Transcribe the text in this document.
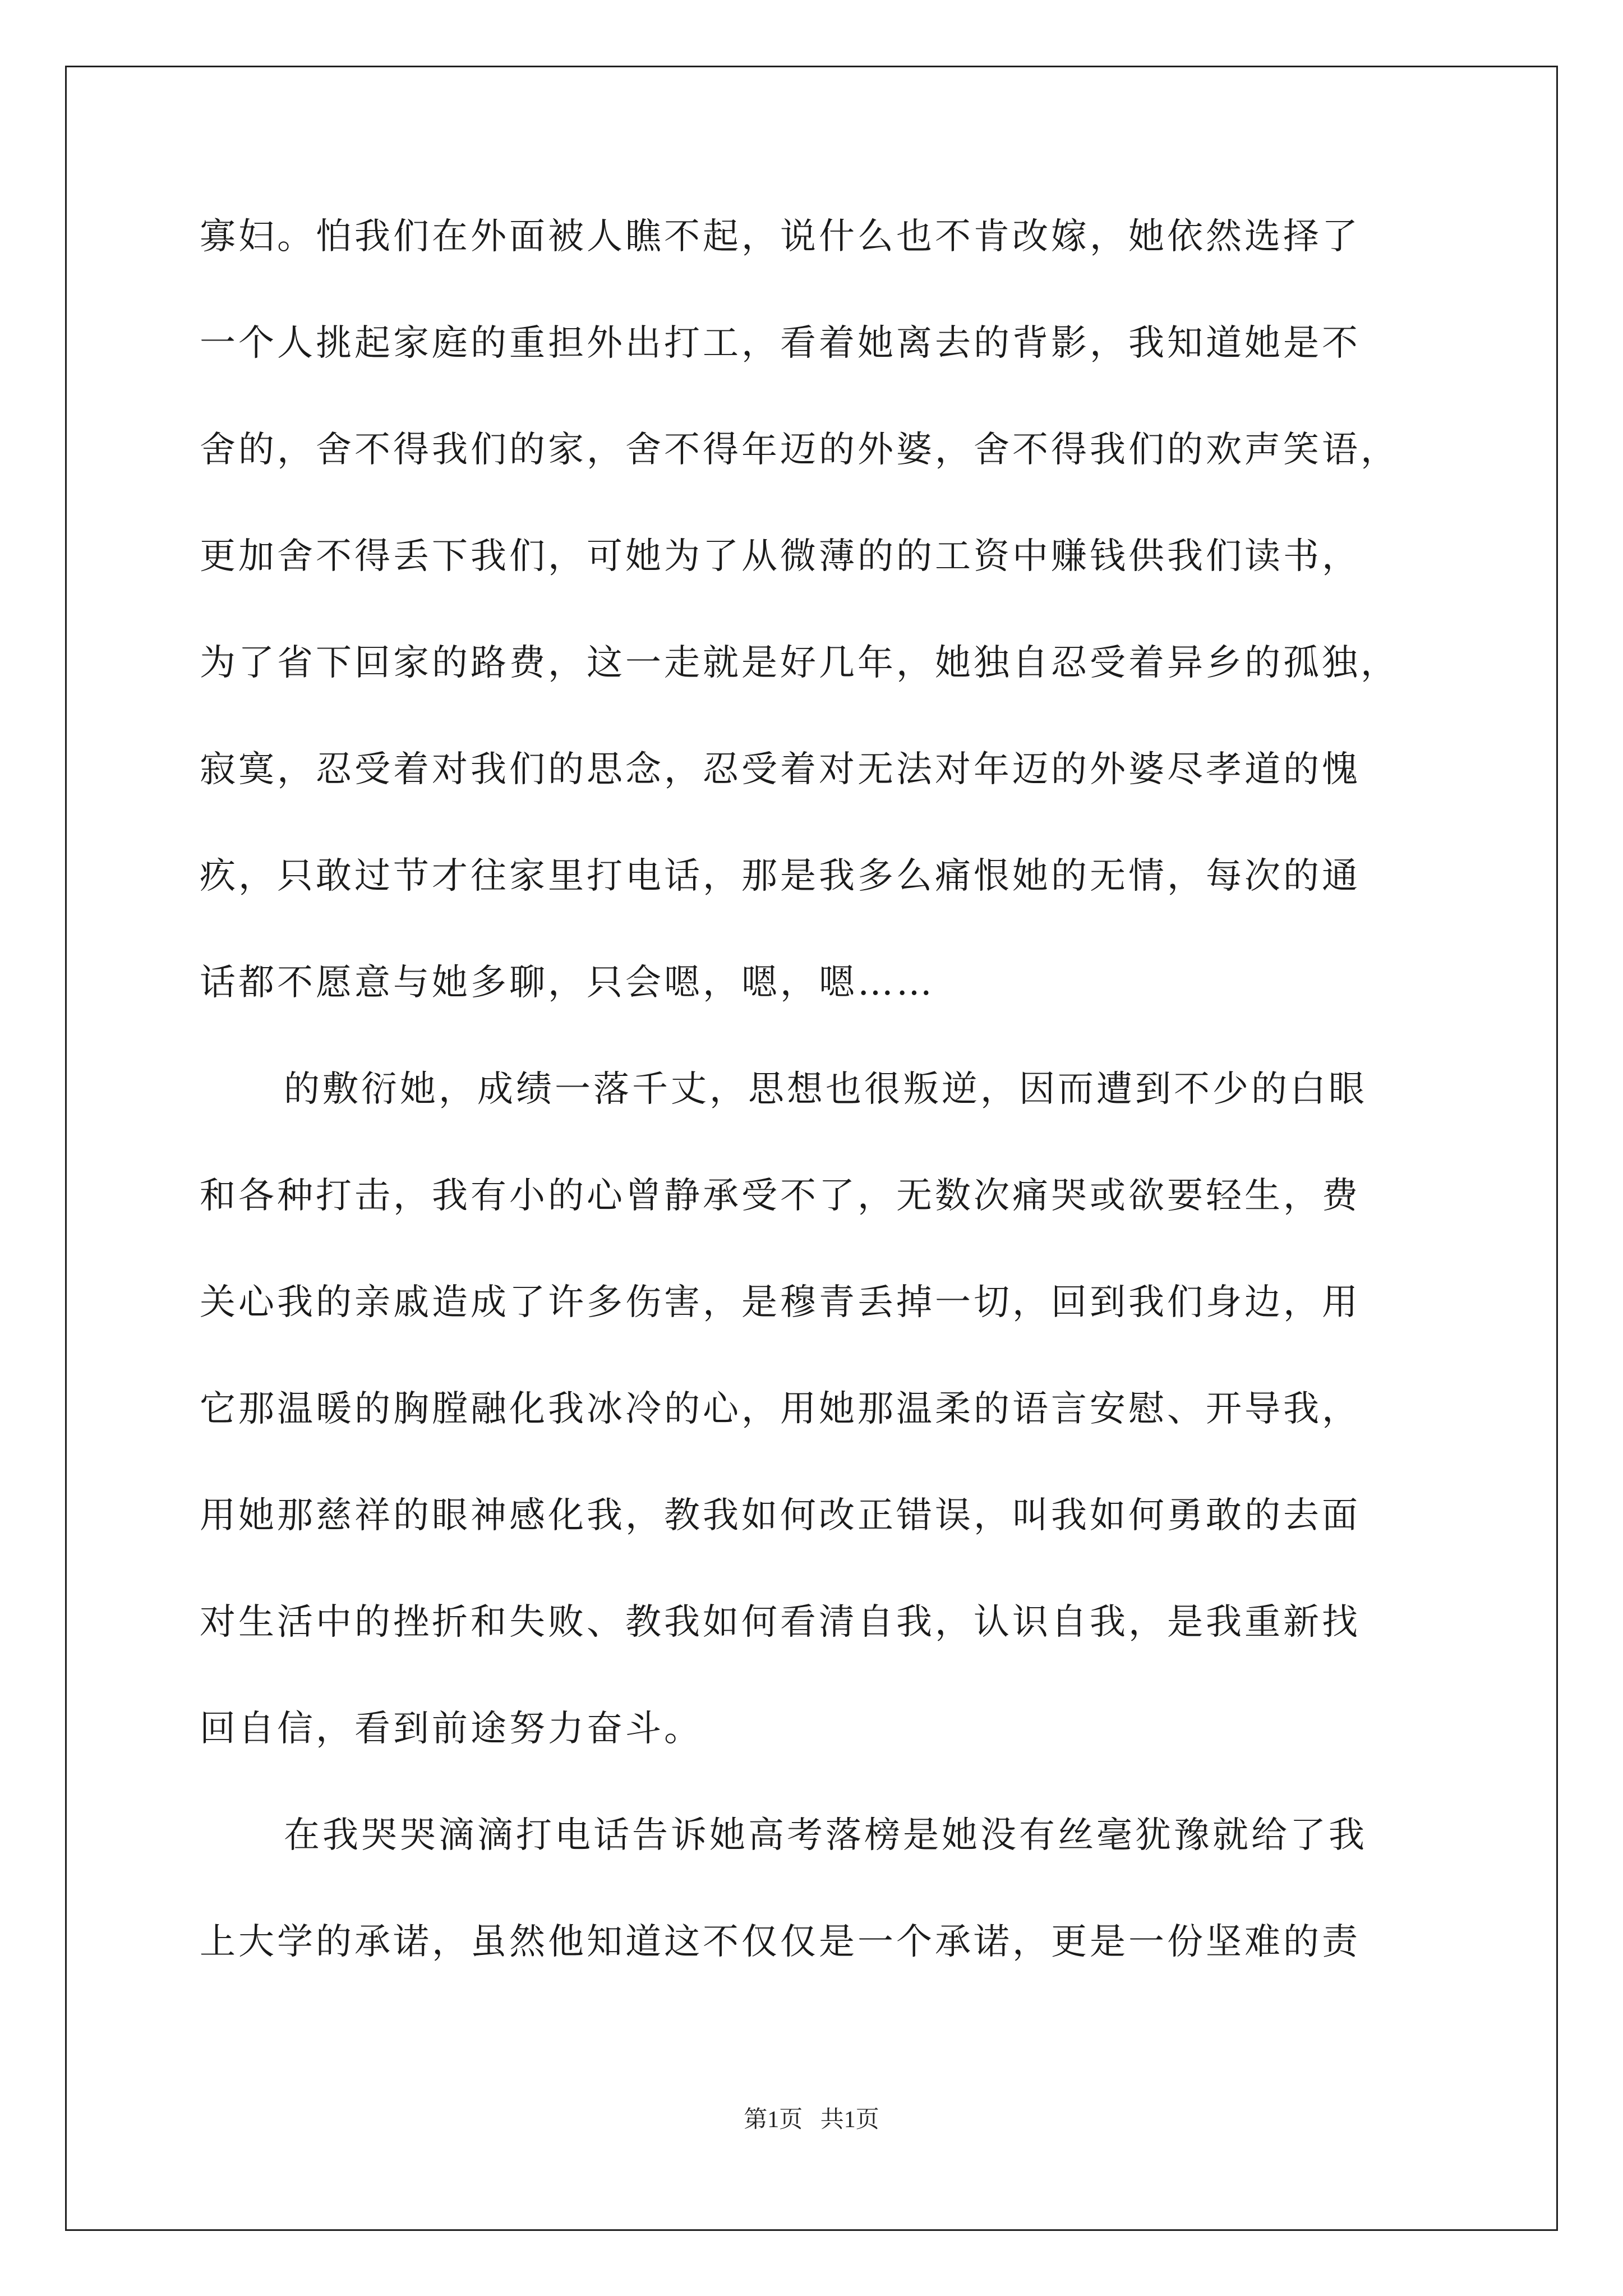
寡妇。怕我们在外面被人瞧不起，说什么也不肯改嫁，她依然选择了
一个人挑起家庭的重担外出打工，看着她离去的背影，我知道她是不
舍的，舍不得我们的家，舍不得年迈的外婆，舍不得我们的欢声笑语，
更加舍不得丢下我们，可她为了从微薄的的工资中赚钱供我们读书，
为了省下回家的路费，这一走就是好几年，她独自忍受着异乡的孤独，
寂寞，忍受着对我们的思念，忍受着对无法对年迈的外婆尽孝道的愧
疚，只敢过节才往家里打电话，那是我多么痛恨她的无情，每次的通
话都不愿意与她多聊，只会嗯，嗯，嗯……
的敷衍她，成绩一落千丈，思想也很叛逆，因而遭到不少的白眼
和各种打击，我有小的心曾静承受不了，无数次痛哭或欲要轻生，费
关心我的亲戚造成了许多伤害，是穆青丢掉一切，回到我们身边，用
它那温暖的胸膛融化我冰冷的心，用她那温柔的语言安慰、开导我，
用她那慈祥的眼神感化我，教我如何改正错误，叫我如何勇敢的去面
对生活中的挫折和失败、教我如何看清自我，认识自我，是我重新找
回自信，看到前途努力奋斗。
在我哭哭滴滴打电话告诉她高考落榜是她没有丝毫犹豫就给了我
上大学的承诺，虽然他知道这不仅仅是一个承诺，更是一份坚难的责
第1页   共1页
